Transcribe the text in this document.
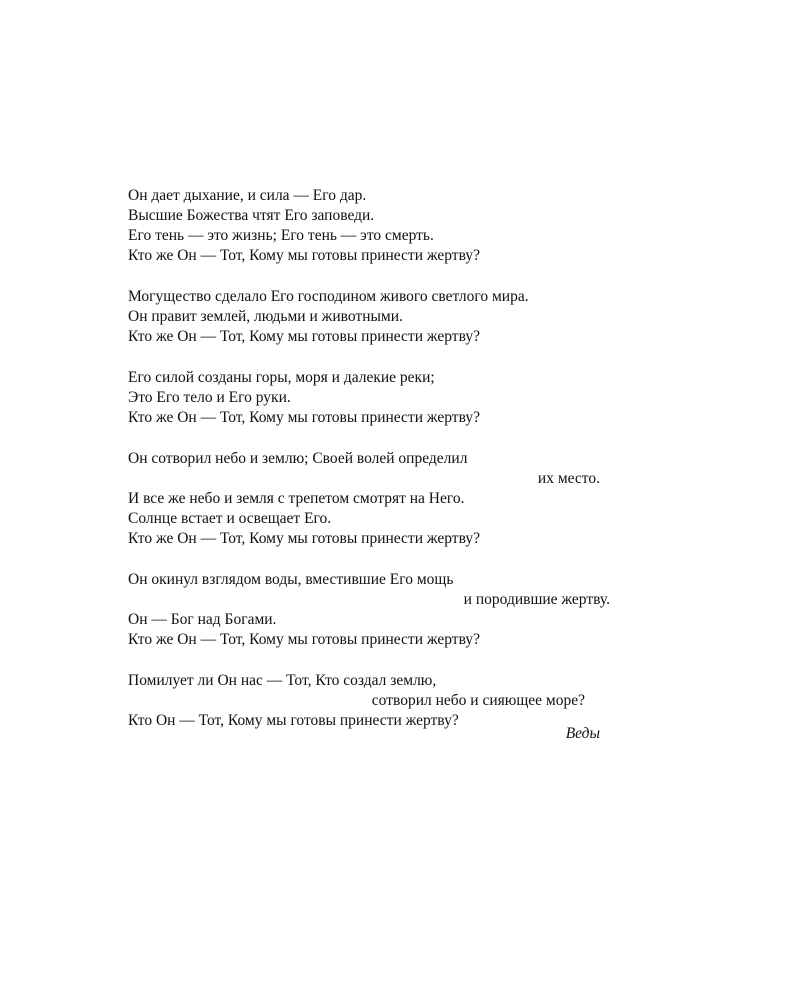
Он дает дыхание, и сила — Его дар.
Высшие Божества чтят Его заповеди.
Его тень — это жизнь; Его тень — это смерть.
Кто же Он — Тот, Кому мы готовы принести жертву?
Могущество сделало Его господином живого светлого мира.
Он правит землей, людьми и животными.
Кто же Он — Тот, Кому мы готовы принести жертву?
Его силой созданы горы, моря и далекие реки;
Это Его тело и Его руки.
Кто же Он — Тот, Кому мы готовы принести жертву?
Он сотворил небо и землю; Своей волей определил
их место.
И все же небо и земля с трепетом смотрят на Него.
Солнце встает и освещает Его.
Кто же Он — Тот, Кому мы готовы принести жертву?
Он окинул взглядом воды, вместившие Его мощь
и породившие жертву.
Он — Бог над Богами.
Кто же Он — Тот, Кому мы готовы принести жертву?
Помилует ли Он нас — Тот, Кто создал землю,
сотворил небо и сияющее море?
Кто Он — Тот, Кому мы готовы принести жертву?
Веды
